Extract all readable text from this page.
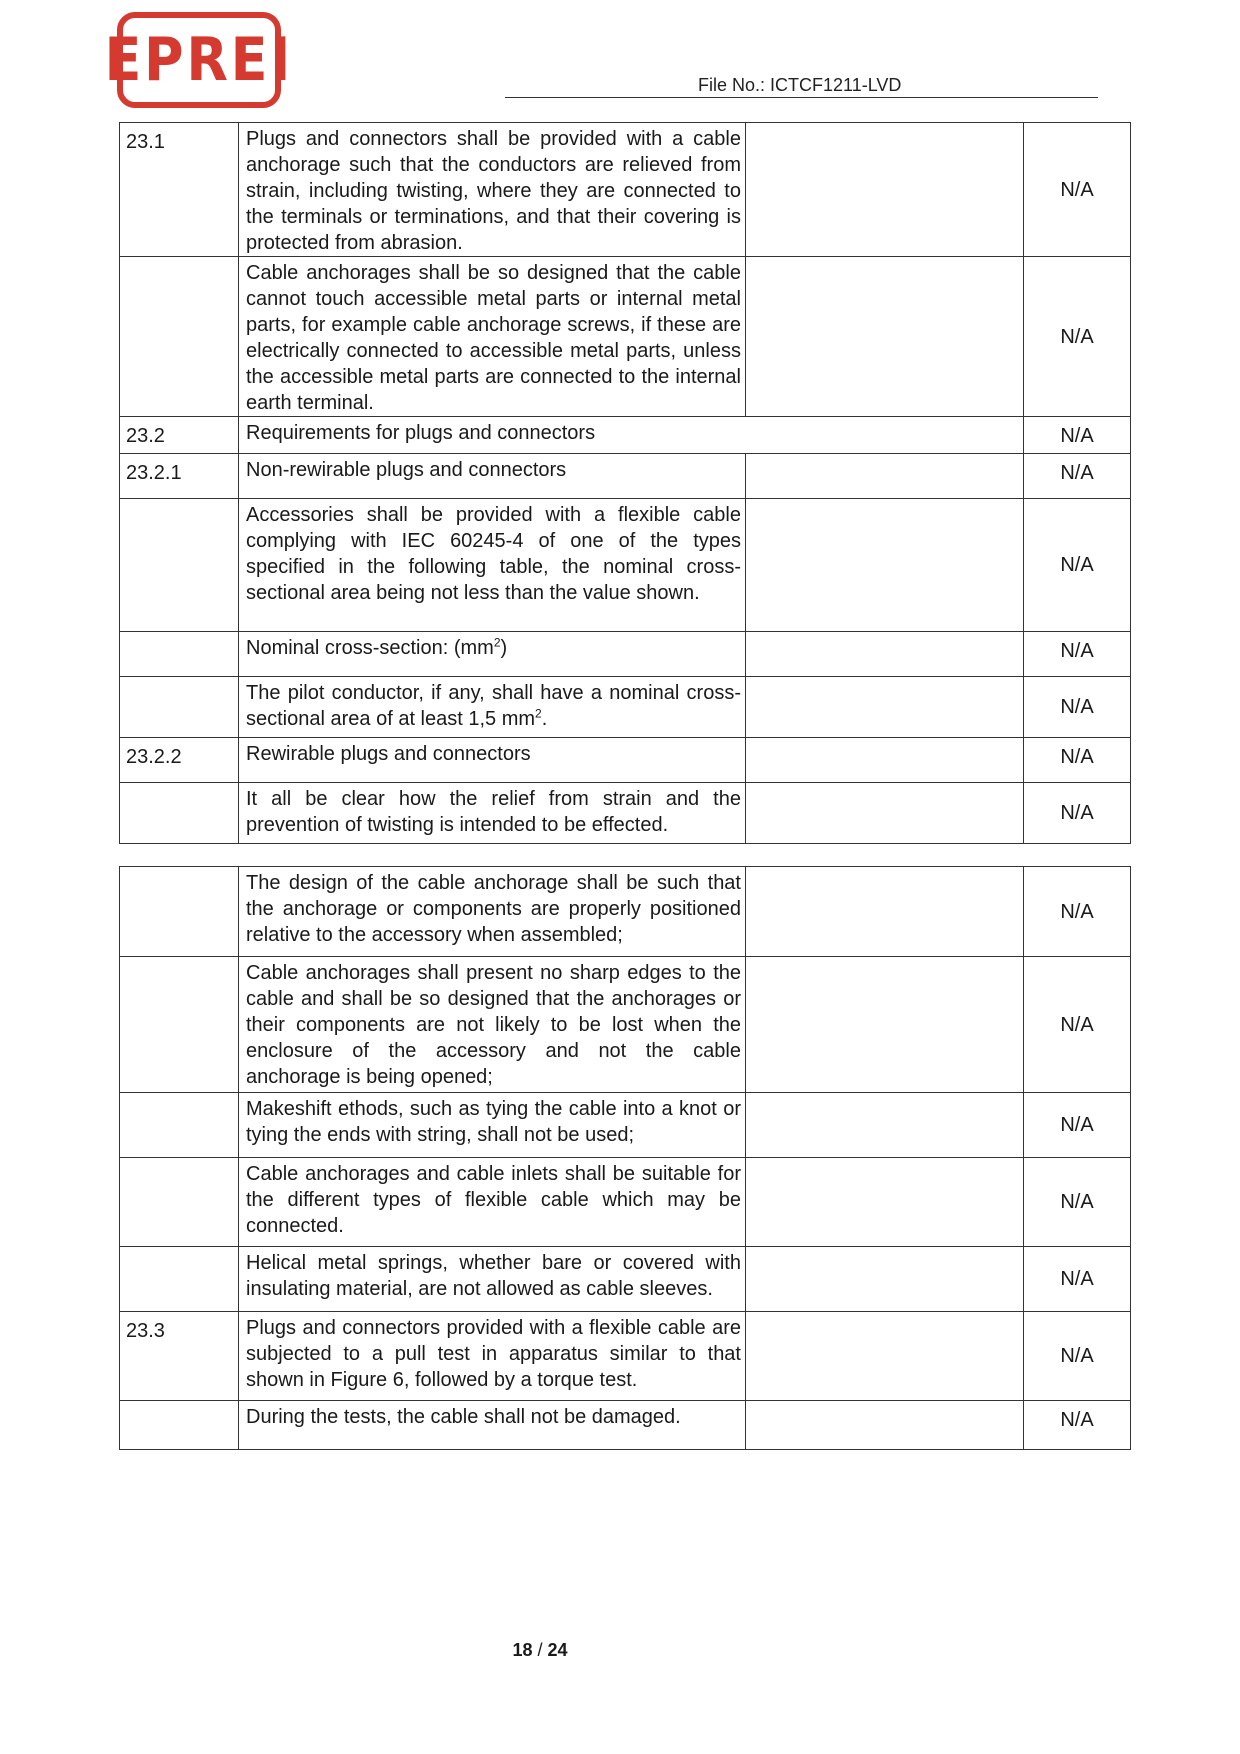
EPREI	File No.: ICTCF1211-LVD
23.1	Plugs and connectors shall be provided with a cable anchorage such that the conductors are relieved from strain, including twisting, where they are connected to the terminals or terminations, and that their covering is protected from abrasion.		N/A
	Cable anchorages shall be so designed that the cable cannot touch accessible metal parts or internal metal parts, for example cable anchorage screws, if these are electrically connected to accessible metal parts, unless the accessible metal parts are connected to the internal earth terminal.		N/A
23.2	Requirements for plugs and connectors		N/A
23.2.1	Non-rewirable plugs and connectors		N/A
	Accessories shall be provided with a flexible cable complying with IEC 60245-4 of one of the types specified in the following table, the nominal cross-sectional area being not less than the value shown.		N/A
	Nominal cross-section: $(mm^2)$		N/A
	The pilot conductor, if any, shall have a nominal cross-sectional area of at least 1,5 $mm^2$.		N/A
23.2.2	Rewirable plugs and connectors		N/A
	It all be clear how the relief from strain and the prevention of twisting is intended to be effected.		N/A
	The design of the cable anchorage shall be such that the anchorage or components are properly positioned relative to the accessory when assembled;		N/A
	Cable anchorages shall present no sharp edges to the cable and shall be so designed that the anchorages or their components are not likely to be lost when the enclosure of the accessory and not the cable anchorage is being opened;		N/A
	Makeshift ethods, such as tying the cable into a knot or tying the ends with string, shall not be used;		N/A
	Cable anchorages and cable inlets shall be suitable for the different types of flexible cable which may be connected.		N/A
	Helical metal springs, whether bare or covered with insulating material, are not allowed as cable sleeves.		N/A
23.3	Plugs and connectors provided with a flexible cable are subjected to a pull test in apparatus similar to that shown in Figure 6, followed by a torque test.		N/A
	During the tests, the cable shall not be damaged.		N/A
18 / 24
